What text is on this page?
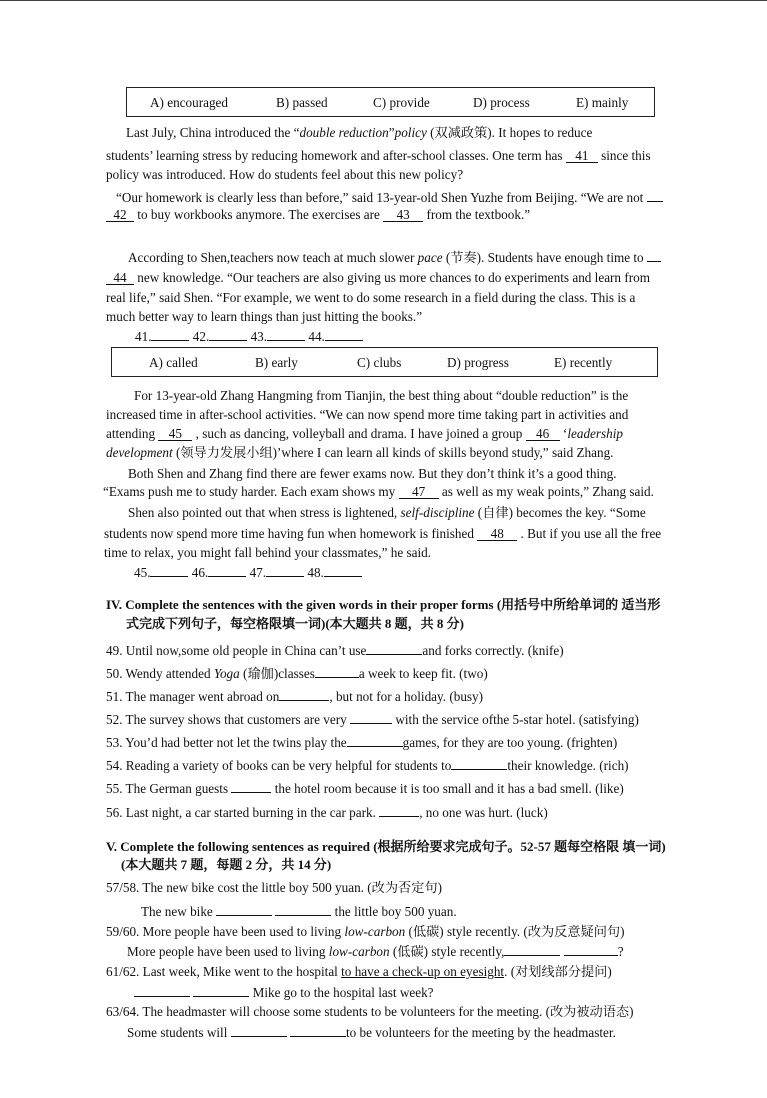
A) encouraged	B) passed	C) provide	D) process	E) mainly
Last July, China introduced the “double reduction”policy (双减政策). It hopes to reduce
students’ learning stress by reducing homework and after-school classes. One term has 41 since this
policy was introduced. How do students feel about this new policy?
“Our homework is clearly less than before,” said 13-year-old Shen Yuzhe from Beijing. “We are not
42 to buy workbooks anymore. The exercises are 43 from the textbook.”
According to Shen,teachers now teach at much slower pace (节奏). Students have enough time to
44 new knowledge. “Our teachers are also giving us more chances to do experiments and learn from
real life,” said Shen. “For example, we went to do some research in a field during the class. This is a
much better way to learn things than just hitting the books.”
41.	42.	43.	44.
A) called	B) early	C) clubs	D) progress	E) recently
For 13-year-old Zhang Hangming from Tianjin, the best thing about “double reduction” is the
increased time in after-school activities. “We can now spend more time taking part in activities and
attending 45 , such as dancing, volleyball and drama. I have joined a group 46 ‘leadership
development (领导力发展小组)’where I can learn all kinds of skills beyond study,” said Zhang.
Both Shen and Zhang find there are fewer exams now. But they don’t think it’s a good thing.
“Exams push me to study harder. Each exam shows my 47 as well as my weak points,” Zhang said.
Shen also pointed out that when stress is lightened, self-discipline (自律) becomes the key. “Some
students now spend more time having fun when homework is finished 48 . But if you use all the free
time to relax, you might fall behind your classmates,” he said.
45.	46.	47.	48.
IV. Complete the sentences with the given words in their proper forms (用括号中所给单词的 适当形
式完成下列句子，每空格限填一词)(本大题共 8 题，共 8 分)
49. Until now,some old people in China can’t use	and forks correctly. (knife)
50. Wendy attended Yoga (瑜伽)classes	a week to keep fit. (two)
51. The manager went abroad on	, but not for a holiday. (busy)
52. The survey shows that customers are very	with the service ofthe 5-star hotel. (satisfying)
53. You’d had better not let the twins play the	games, for they are too young. (frighten)
54. Reading a variety of books can be very helpful for students to	their knowledge. (rich)
55. The German guests	the hotel room because it is too small and it has a bad smell. (like)
56. Last night, a car started burning in the car park.	, no one was hurt. (luck)
V. Complete the following sentences as required (根据所给要求完成句子。52-57 题每空格限 填一词)
(本大题共 7 题，每题 2 分，共 14 分)
57/58. The new bike cost the little boy 500 yuan. (改为否定句)
The new bike	the little boy 500 yuan.
59/60. More people have been used to living low-carbon (低碳) style recently. (改为反意疑问句)
More people have been used to living low-carbon (低碳) style recently,	?
61/62. Last week, Mike went to the hospital to have a check-up on eyesight. (对划线部分提问)
Mike go to the hospital last week?
63/64. The headmaster will choose some students to be volunteers for the meeting. (改为被动语态)
Some students will	to be volunteers for the meeting by the headmaster.
